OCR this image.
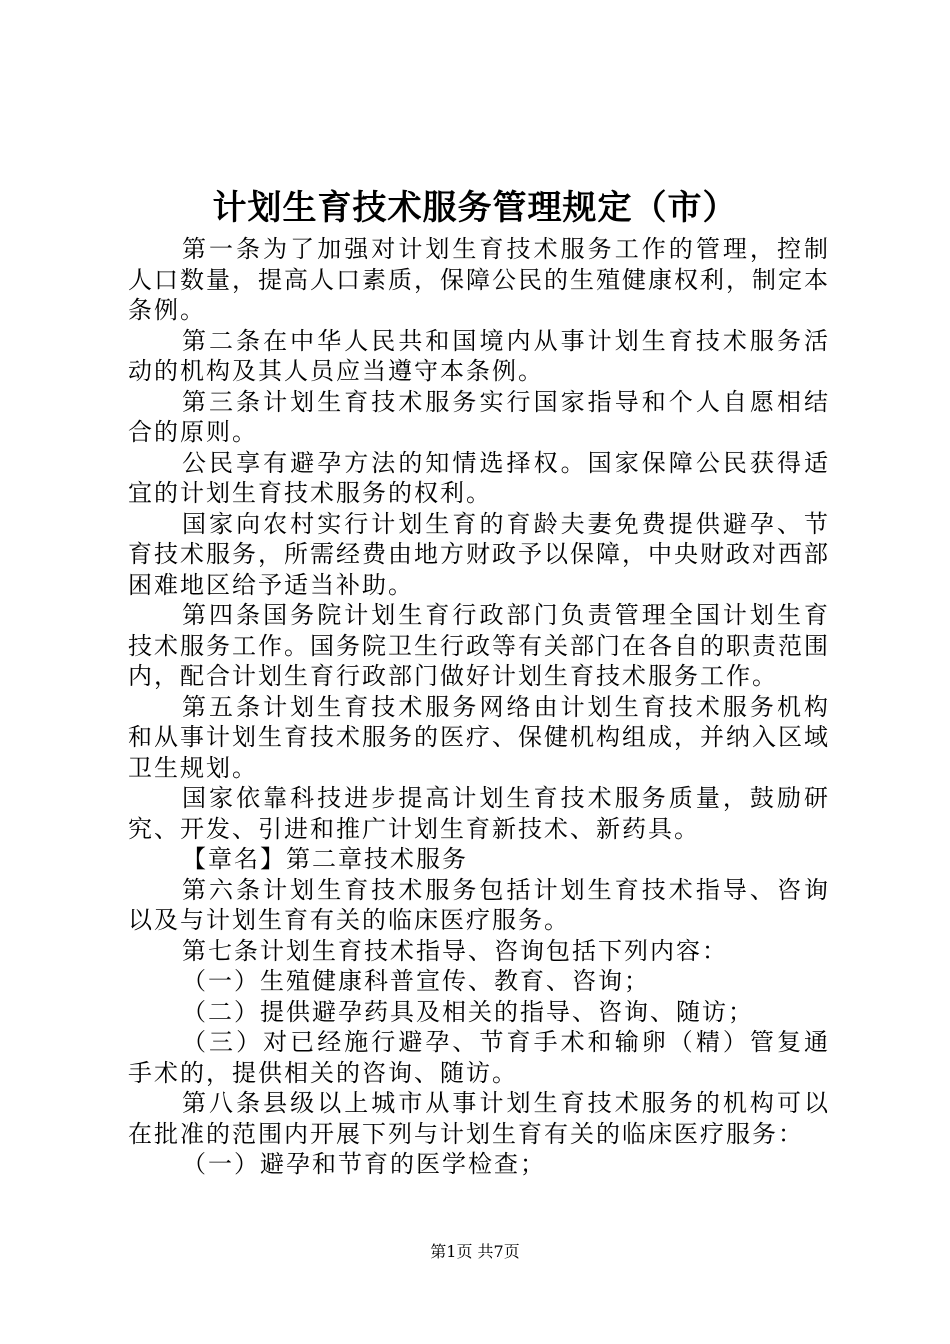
计划生育技术服务管理规定（市）

第一条为了加强对计划生育技术服务工作的管理，控制人口数量，提高人口素质，保障公民的生殖健康权利，制定本条例。

第二条在中华人民共和国境内从事计划生育技术服务活动的机构及其人员应当遵守本条例。

第三条计划生育技术服务实行国家指导和个人自愿相结合的原则。

公民享有避孕方法的知情选择权。国家保障公民获得适宜的计划生育技术服务的权利。

国家向农村实行计划生育的育龄夫妻免费提供避孕、节育技术服务，所需经费由地方财政予以保障，中央财政对西部困难地区给予适当补助。

第四条国务院计划生育行政部门负责管理全国计划生育技术服务工作。国务院卫生行政等有关部门在各自的职责范围内，配合计划生育行政部门做好计划生育技术服务工作。

第五条计划生育技术服务网络由计划生育技术服务机构和从事计划生育技术服务的医疗、保健机构组成，并纳入区域卫生规划。

国家依靠科技进步提高计划生育技术服务质量，鼓励研究、开发、引进和推广计划生育新技术、新药具。

【章名】第二章技术服务

第六条计划生育技术服务包括计划生育技术指导、咨询以及与计划生育有关的临床医疗服务。

第七条计划生育技术指导、咨询包括下列内容：

（一）生殖健康科普宣传、教育、咨询；

（二）提供避孕药具及相关的指导、咨询、随访；

（三）对已经施行避孕、节育手术和输卵（精）管复通手术的，提供相关的咨询、随访。

第八条县级以上城市从事计划生育技术服务的机构可以在批准的范围内开展下列与计划生育有关的临床医疗服务：

（一）避孕和节育的医学检查；

第1页 共7页
